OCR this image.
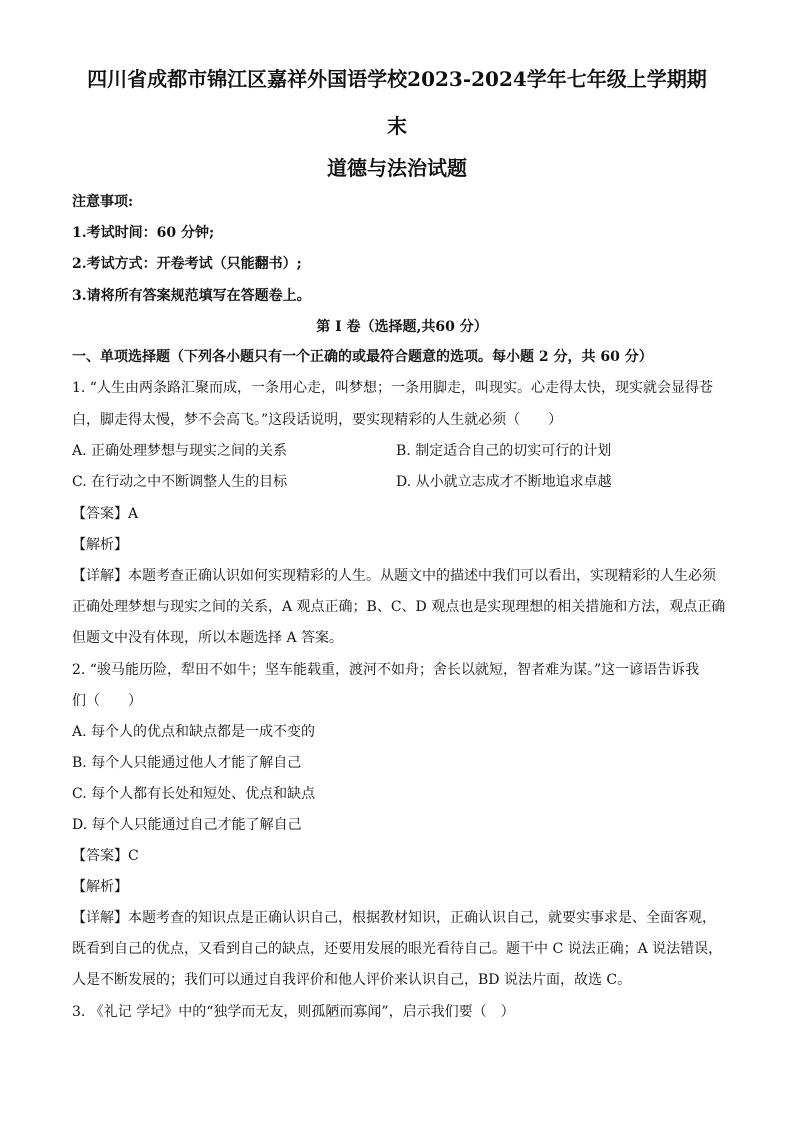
四川省成都市锦江区嘉祥外国语学校2023-2024学年七年级上学期期
末
道德与法治试题
注意事项:
1.考试时间：60 分钟;
2.考试方式：开卷考试（只能翻书）;
3.请将所有答案规范填写在答题卷上。
第 I 卷（选择题,共60 分）
一、单项选择题（下列各小题只有一个正确的或最符合题意的选项。每小题 2 分，共 60 分）
1. “人生由两条路汇聚而成，一条用心走，叫梦想；一条用脚走，叫现实。心走得太快，现实就会显得苍
白，脚走得太慢，梦不会高飞。”这段话说明，要实现精彩的人生就必须（　　）
A. 正确处理梦想与现实之间的关系	B. 制定适合自己的切实可行的计划
C. 在行动之中不断调整人生的目标	D. 从小就立志成才不断地追求卓越
【答案】A
【解析】
【详解】本题考查正确认识如何实现精彩的人生。从题文中的描述中我们可以看出，实现精彩的人生必须
正确处理梦想与现实之间的关系，A 观点正确；B、C、D 观点也是实现理想的相关措施和方法，观点正确
但题文中没有体现，所以本题选择 A 答案。
2. “骏马能历险，犁田不如牛；坚车能载重，渡河不如舟；舍长以就短，智者难为谋。”这一谚语告诉我
们（　　）
A. 每个人的优点和缺点都是一成不变的
B. 每个人只能通过他人才能了解自己
C. 每个人都有长处和短处、优点和缺点
D. 每个人只能通过自己才能了解自己
【答案】C
【解析】
【详解】本题考查的知识点是正确认识自己，根据教材知识，正确认识自己，就要实事求是、全面客观，
既看到自己的优点，又看到自己的缺点，还要用发展的眼光看待自己。题干中 C 说法正确；A 说法错误，
人是不断发展的；我们可以通过自我评价和他人评价来认识自己，BD 说法片面，故选 C。
3. 《礼记 学圮》中的“独学而无友，则孤陋而寡闻”，启示我们要（　）
